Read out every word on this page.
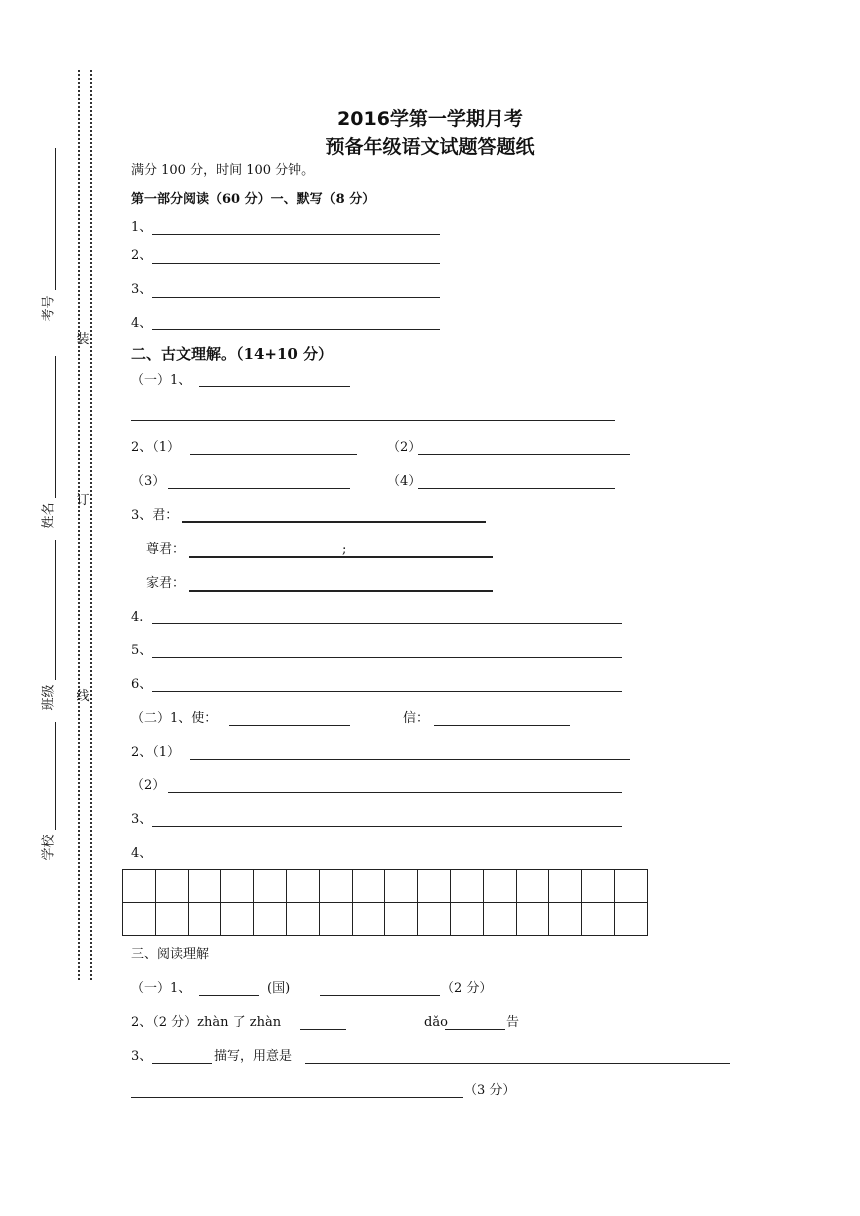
装
订
线
考号
姓名
班级
学校
2016学第一学期月考
预备年级语文试题答题纸
满分 100 分，时间 100 分钟。
第一部分阅读（60 分）一、默写（8 分）
1、
2、
3、
4、
二、古文理解。（14+10 分）
（一）1、
2、（1）	（2）
（3）	（4）
3、君：
尊君：	;
家君：
4.
5、
6、
（二）1、使：	信：
2、（1）
（2）
3、
4、

三、阅读理解
（一）1、	(国)	（2 分）
2、（2 分）zhàn 了 zhàn	dǎo	告
3、	描写，用意是
（3 分）
